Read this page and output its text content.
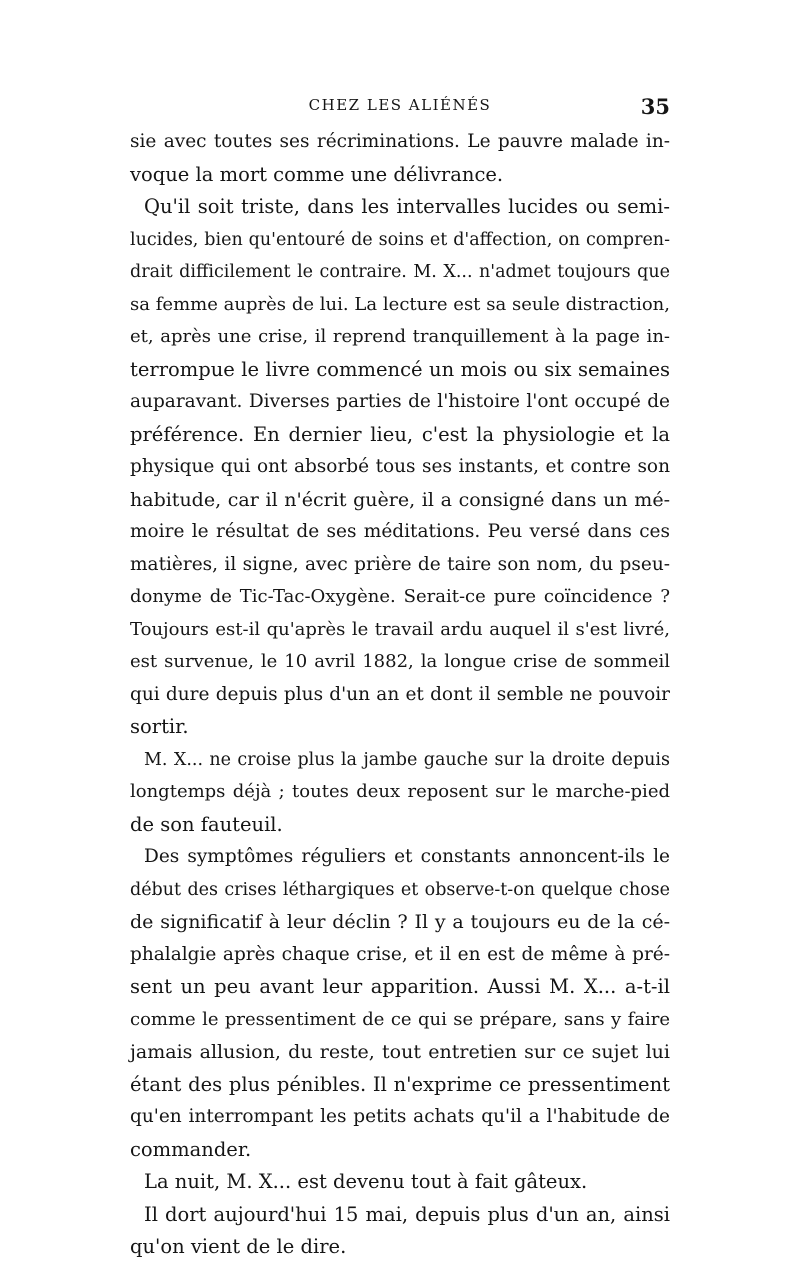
CHEZ LES ALIÉNÉS	35
sie avec toutes ses récriminations. Le pauvre malade in-
voque la mort comme une délivrance.
Qu'il soit triste, dans les intervalles lucides ou semi-
lucides, bien qu'entouré de soins et d'affection, on compren-
drait difficilement le contraire. M. X... n'admet toujours que
sa femme auprès de lui. La lecture est sa seule distraction,
et, après une crise, il reprend tranquillement à la page in-
terrompue le livre commencé un mois ou six semaines
auparavant. Diverses parties de l'histoire l'ont occupé de
préférence. En dernier lieu, c'est la physiologie et la
physique qui ont absorbé tous ses instants, et contre son
habitude, car il n'écrit guère, il a consigné dans un mé-
moire le résultat de ses méditations. Peu versé dans ces
matières, il signe, avec prière de taire son nom, du pseu-
donyme de Tic-Tac-Oxygène. Serait-ce pure coïncidence ?
Toujours est-il qu'après le travail ardu auquel il s'est livré,
est survenue, le 10 avril 1882, la longue crise de sommeil
qui dure depuis plus d'un an et dont il semble ne pouvoir
sortir.
M. X... ne croise plus la jambe gauche sur la droite depuis
longtemps déjà ; toutes deux reposent sur le marche-pied
de son fauteuil.
Des symptômes réguliers et constants annoncent-ils le
début des crises léthargiques et observe-t-on quelque chose
de significatif à leur déclin ? Il y a toujours eu de la cé-
phalalgie après chaque crise, et il en est de même à pré-
sent un peu avant leur apparition. Aussi M. X... a-t-il
comme le pressentiment de ce qui se prépare, sans y faire
jamais allusion, du reste, tout entretien sur ce sujet lui
étant des plus pénibles. Il n'exprime ce pressentiment
qu'en interrompant les petits achats qu'il a l'habitude de
commander.
La nuit, M. X... est devenu tout à fait gâteux.
Il dort aujourd'hui 15 mai, depuis plus d'un an, ainsi
qu'on vient de le dire.
